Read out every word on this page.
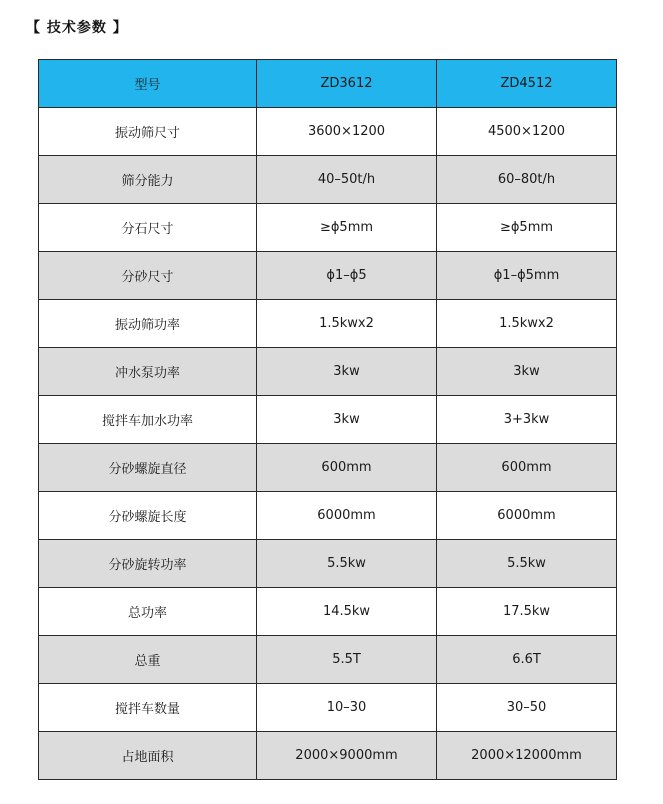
【 技术参数 】
型号	ZD3612	ZD4512
振动筛尺寸	3600×1200	4500×1200
筛分能力	40–50t/h	60–80t/h
分石尺寸	≥ϕ5mm	≥ϕ5mm
分砂尺寸	ϕ1–ϕ5	ϕ1–ϕ5mm
振动筛功率	1.5kwx2	1.5kwx2
冲水泵功率	3kw	3kw
搅拌车加水功率	3kw	3+3kw
分砂螺旋直径	600mm	600mm
分砂螺旋长度	6000mm	6000mm
分砂旋转功率	5.5kw	5.5kw
总功率	14.5kw	17.5kw
总重	5.5T	6.6T
搅拌车数量	10–30	30–50
占地面积	2000×9000mm	2000×12000mm
